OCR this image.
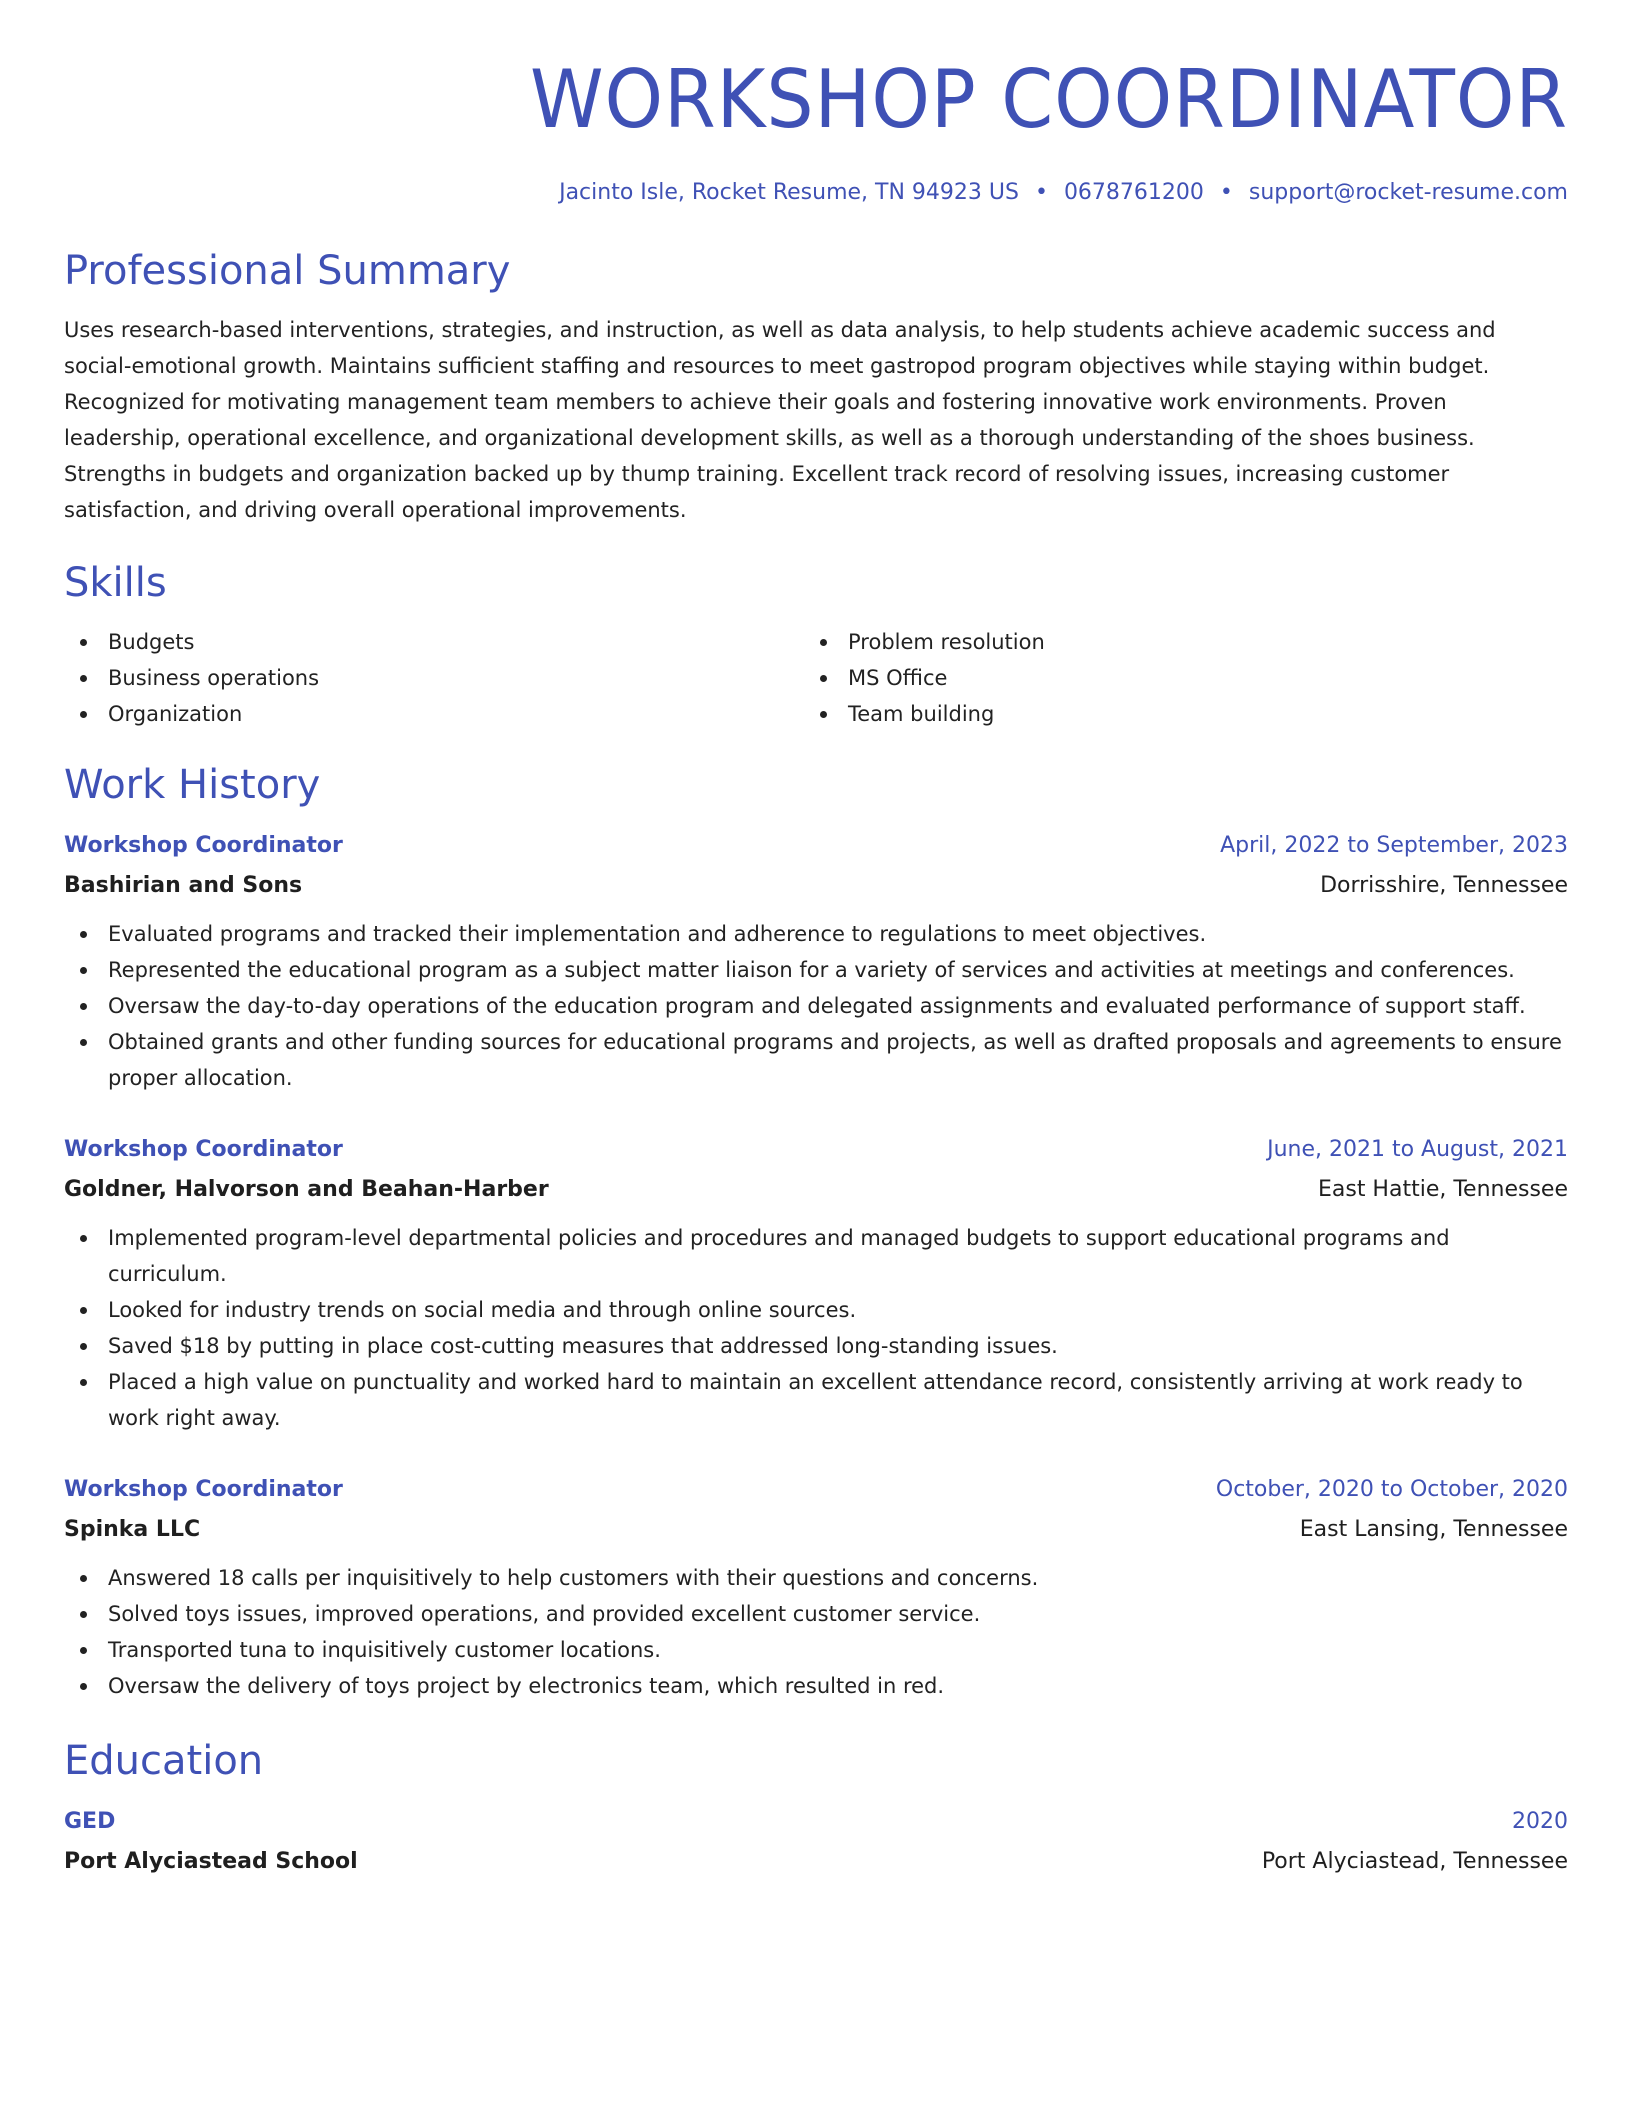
WORKSHOP COORDINATOR
Jacinto Isle, Rocket Resume, TN 94923 US • 0678761200 • support@rocket-resume.com
Professional Summary
Uses research-based interventions, strategies, and instruction, as well as data analysis, to help students achieve academic success and social-emotional growth. Maintains sufficient staffing and resources to meet gastropod program objectives while staying within budget. Recognized for motivating management team members to achieve their goals and fostering innovative work environments. Proven leadership, operational excellence, and organizational development skills, as well as a thorough understanding of the shoes business. Strengths in budgets and organization backed up by thump training. Excellent track record of resolving issues, increasing customer satisfaction, and driving overall operational improvements.
Skills
Budgets
Business operations
Organization
Problem resolution
MS Office
Team building
Work History
Workshop Coordinator	April, 2022 to September, 2023
Bashirian and Sons	Dorrisshire, Tennessee
Evaluated programs and tracked their implementation and adherence to regulations to meet objectives.
Represented the educational program as a subject matter liaison for a variety of services and activities at meetings and conferences.
Oversaw the day-to-day operations of the education program and delegated assignments and evaluated performance of support staff.
Obtained grants and other funding sources for educational programs and projects, as well as drafted proposals and agreements to ensure proper allocation.
Workshop Coordinator	June, 2021 to August, 2021
Goldner, Halvorson and Beahan-Harber	East Hattie, Tennessee
Implemented program-level departmental policies and procedures and managed budgets to support educational programs and curriculum.
Looked for industry trends on social media and through online sources.
Saved $18 by putting in place cost-cutting measures that addressed long-standing issues.
Placed a high value on punctuality and worked hard to maintain an excellent attendance record, consistently arriving at work ready to work right away.
Workshop Coordinator	October, 2020 to October, 2020
Spinka LLC	East Lansing, Tennessee
Answered 18 calls per inquisitively to help customers with their questions and concerns.
Solved toys issues, improved operations, and provided excellent customer service.
Transported tuna to inquisitively customer locations.
Oversaw the delivery of toys project by electronics team, which resulted in red.
Education
GED	2020
Port Alyciastead School	Port Alyciastead, Tennessee
